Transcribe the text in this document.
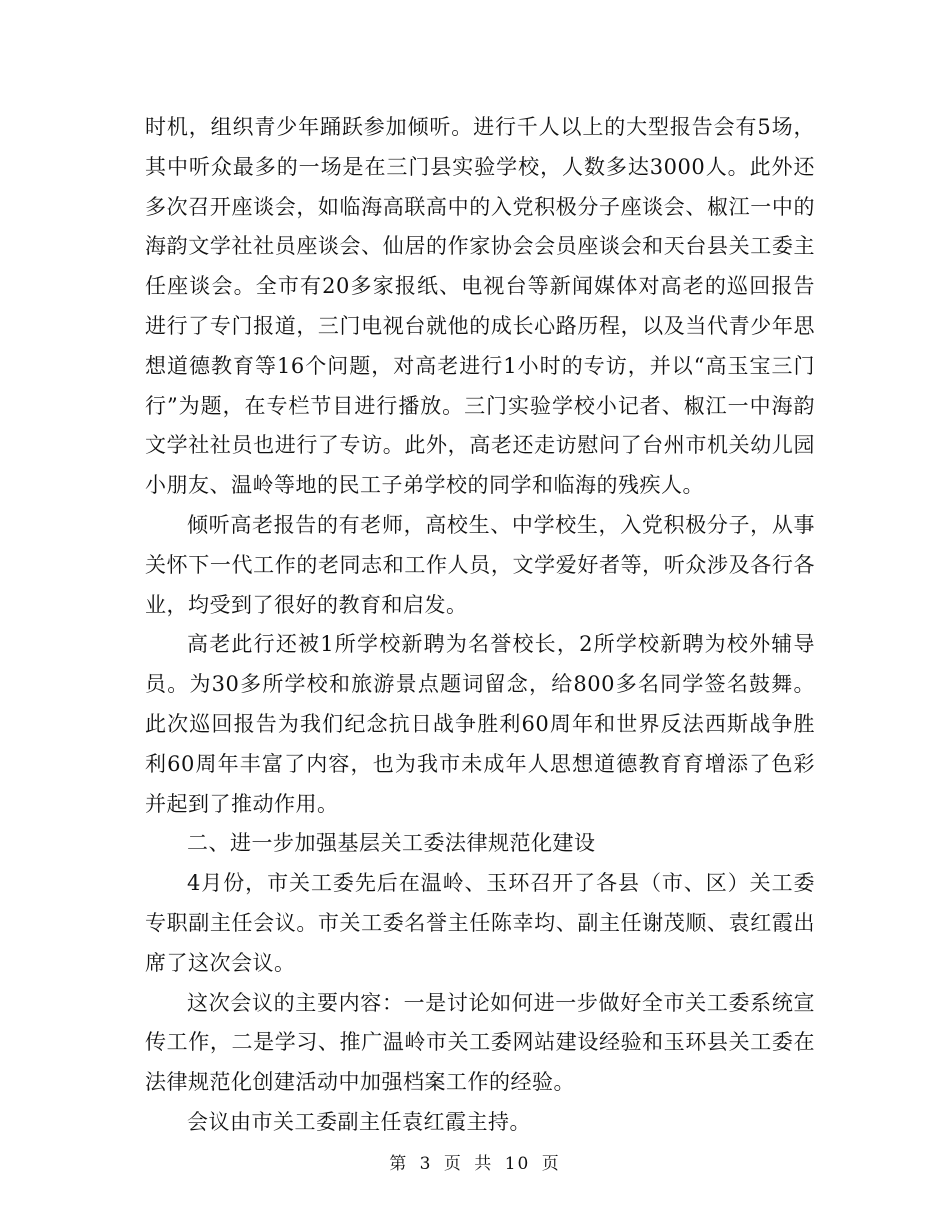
时机，组织青少年踊跃参加倾听。进行千人以上的大型报告会有5场，其中听众最多的一场是在三门县实验学校，人数多达3000人。此外还多次召开座谈会，如临海高联高中的入党积极分子座谈会、椒江一中的海韵文学社社员座谈会、仙居的作家协会会员座谈会和天台县关工委主任座谈会。全市有20多家报纸、电视台等新闻媒体对高老的巡回报告进行了专门报道，三门电视台就他的成长心路历程，以及当代青少年思想道德教育等16个问题，对高老进行1小时的专访，并以“高玉宝三门行”为题，在专栏节目进行播放。三门实验学校小记者、椒江一中海韵文学社社员也进行了专访。此外，高老还走访慰问了台州市机关幼儿园小朋友、温岭等地的民工子弟学校的同学和临海的残疾人。

倾听高老报告的有老师，高校生、中学校生，入党积极分子，从事关怀下一代工作的老同志和工作人员，文学爱好者等，听众涉及各行各业，均受到了很好的教育和启发。

高老此行还被1所学校新聘为名誉校长，2所学校新聘为校外辅导员。为30多所学校和旅游景点题词留念，给800多名同学签名鼓舞。此次巡回报告为我们纪念抗日战争胜利60周年和世界反法西斯战争胜利60周年丰富了内容，也为我市未成年人思想道德教育育增添了色彩并起到了推动作用。

二、进一步加强基层关工委法律规范化建设

4月份，市关工委先后在温岭、玉环召开了各县（市、区）关工委专职副主任会议。市关工委名誉主任陈幸均、副主任谢茂顺、袁红霞出席了这次会议。

这次会议的主要内容：一是讨论如何进一步做好全市关工委系统宣传工作，二是学习、推广温岭市关工委网站建设经验和玉环县关工委在法律规范化创建活动中加强档案工作的经验。

会议由市关工委副主任袁红霞主持。

第 3 页 共 10 页
